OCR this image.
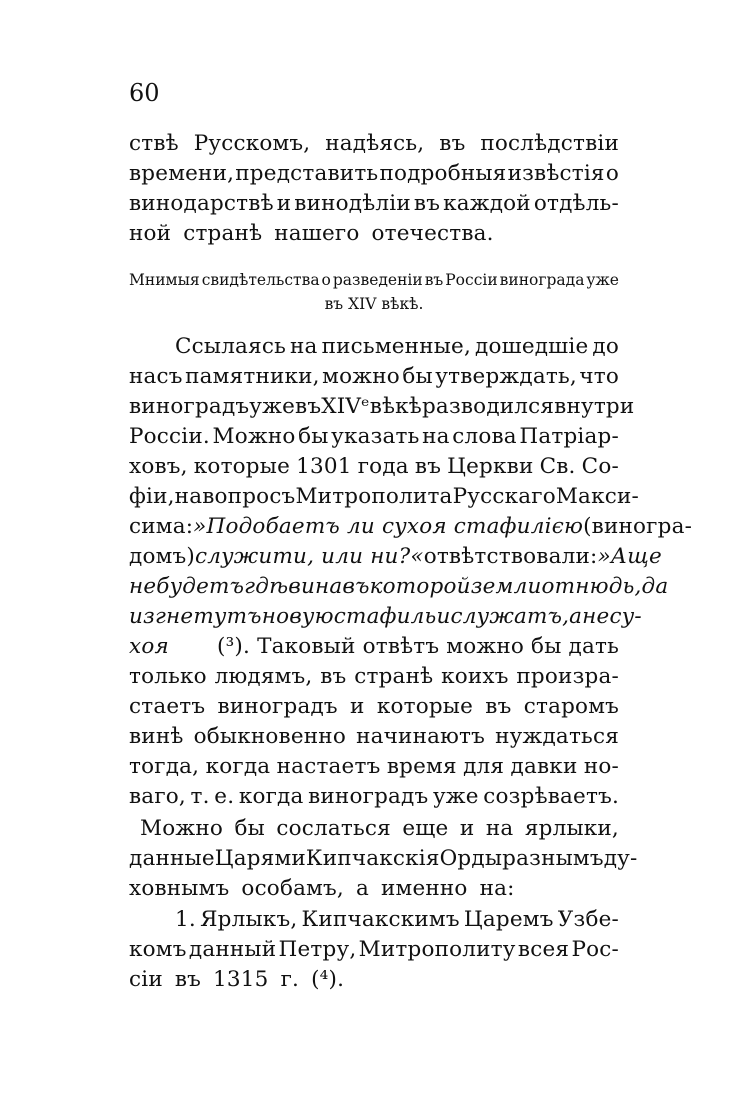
60
ствѣ Русскомъ, надѣясь, въ послѣдствіи
времени, представить подробныя извѣстія о
винодарствѣ и винодѣліи въ каждой отдѣль-
ной странѣ нашего отечества.
Мнимыя свидѣтельства о разведеніи въ Россіи винограда уже
въ XIV вѣкѣ.
Ссылаясь на письменные, дошедшіе до
насъ памятники, можно бы утверждать, что
виноградъ уже въ XIVᵉ вѣкѣ разводился внутри
Россіи. Можно бы указать на слова Патріар-
ховъ, которые 1301 года въ Церкви Св. Со-
фіи, на вопросъ Митрополита Русскаго Макси-
сима: »Подобаетъ ли сухоя стафилією (виногра-
домъ) служити, или ни?« отвѣтствовали: »Аще
не будетъ гдѣ вина въ которой земли отнюдь, да
изгнетутъ новую стафиль и служатъ, а не су-
хоя (³). Таковый отвѣтъ можно бы дать
только людямъ, въ странѣ коихъ произра-
стаетъ виноградъ и которые въ старомъ
винѣ обыкновенно начинаютъ нуждаться
тогда, когда настаетъ время для давки но-
ваго, т. е. когда виноградъ уже созрѣваетъ.
Можно бы сослаться еще и на ярлыки,
данные Царями Кипчакскія Орды разнымъ ду-
ховнымъ особамъ, а именно на:
1. Ярлыкъ, Кипчакскимъ Царемъ Узбе-
комъ данный Петру, Митрополиту всея Рос-
сіи въ 1315 г. (⁴).
